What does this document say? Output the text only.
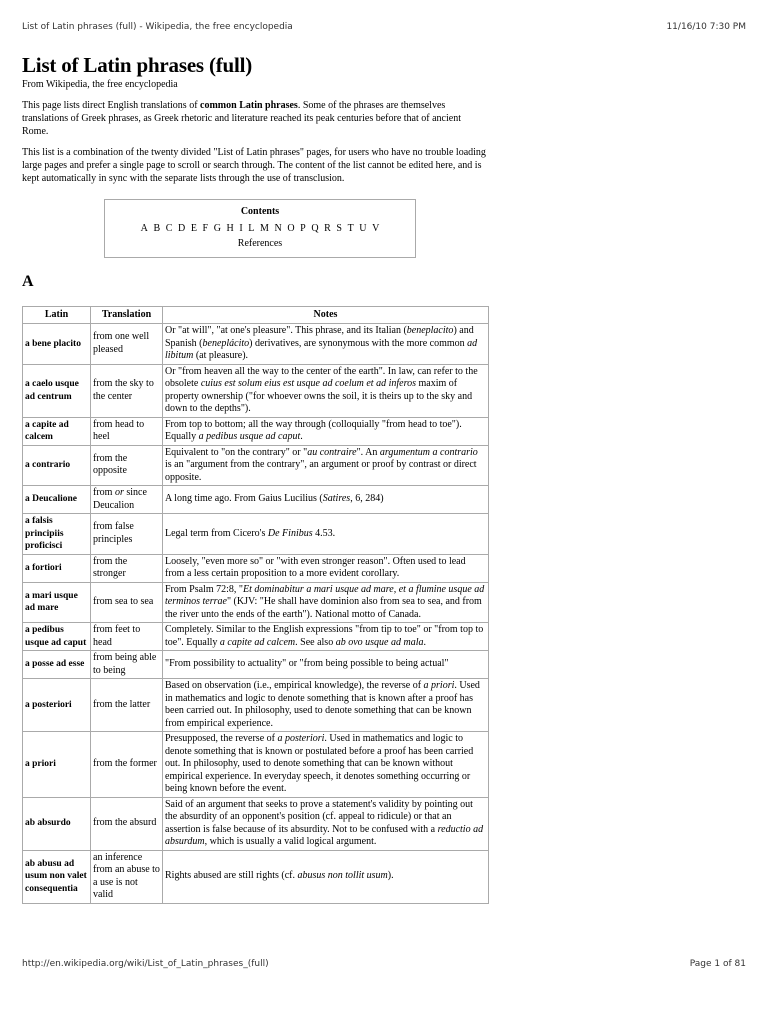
List of Latin phrases (full) - Wikipedia, the free encyclopedia	11/16/10 7:30 PM
List of Latin phrases (full)
From Wikipedia, the free encyclopedia

This page lists direct English translations of common Latin phrases. Some of the phrases are themselves translations of Greek phrases, as Greek rhetoric and literature reached its peak centuries before that of ancient Rome.

This list is a combination of the twenty divided "List of Latin phrases" pages, for users who have no trouble loading large pages and prefer a single page to scroll or search through. The content of the list cannot be edited here, and is kept automatically in sync with the separate lists through the use of transclusion.

Contents
A B C D E F G H I L M N O P Q R S T U V
References
A
Latin	Translation	Notes
a bene placito	from one well pleased	Or "at will", "at one's pleasure". This phrase, and its Italian (beneplacito) and Spanish (beneplácito) derivatives, are synonymous with the more common ad libitum (at pleasure).
a caelo usque ad centrum	from the sky to the center	Or "from heaven all the way to the center of the earth". In law, can refer to the obsolete cuius est solum eius est usque ad coelum et ad inferos maxim of property ownership ("for whoever owns the soil, it is theirs up to the sky and down to the depths").
a capite ad calcem	from head to heel	From top to bottom; all the way through (colloquially "from head to toe"). Equally a pedibus usque ad caput.
a contrario	from the opposite	Equivalent to "on the contrary" or "au contraire". An argumentum a contrario is an "argument from the contrary", an argument or proof by contrast or direct opposite.
a Deucalione	from or since Deucalion	A long time ago. From Gaius Lucilius (Satires, 6, 284)
a falsis principiis proficisci	from false principles	Legal term from Cicero's De Finibus 4.53.
a fortiori	from the stronger	Loosely, "even more so" or "with even stronger reason". Often used to lead from a less certain proposition to a more evident corollary.
a mari usque ad mare	from sea to sea	From Psalm 72:8, "Et dominabitur a mari usque ad mare, et a flumine usque ad terminos terrae" (KJV: "He shall have dominion also from sea to sea, and from the river unto the ends of the earth"). National motto of Canada.
a pedibus usque ad caput	from feet to head	Completely. Similar to the English expressions "from tip to toe" or "from top to toe". Equally a capite ad calcem. See also ab ovo usque ad mala.
a posse ad esse	from being able to being	"From possibility to actuality" or "from being possible to being actual"
a posteriori	from the latter	Based on observation (i.e., empirical knowledge), the reverse of a priori. Used in mathematics and logic to denote something that is known after a proof has been carried out. In philosophy, used to denote something that can be known from empirical experience.
a priori	from the former	Presupposed, the reverse of a posteriori. Used in mathematics and logic to denote something that is known or postulated before a proof has been carried out. In philosophy, used to denote something that can be known without empirical experience. In everyday speech, it denotes something occurring or being known before the event.
ab absurdo	from the absurd	Said of an argument that seeks to prove a statement's validity by pointing out the absurdity of an opponent's position (cf. appeal to ridicule) or that an assertion is false because of its absurdity. Not to be confused with a reductio ad absurdum, which is usually a valid logical argument.
ab abusu ad usum non valet consequentia	an inference from an abuse to a use is not valid	Rights abused are still rights (cf. abusus non tollit usum).
http://en.wikipedia.org/wiki/List_of_Latin_phrases_(full)	Page 1 of 81
